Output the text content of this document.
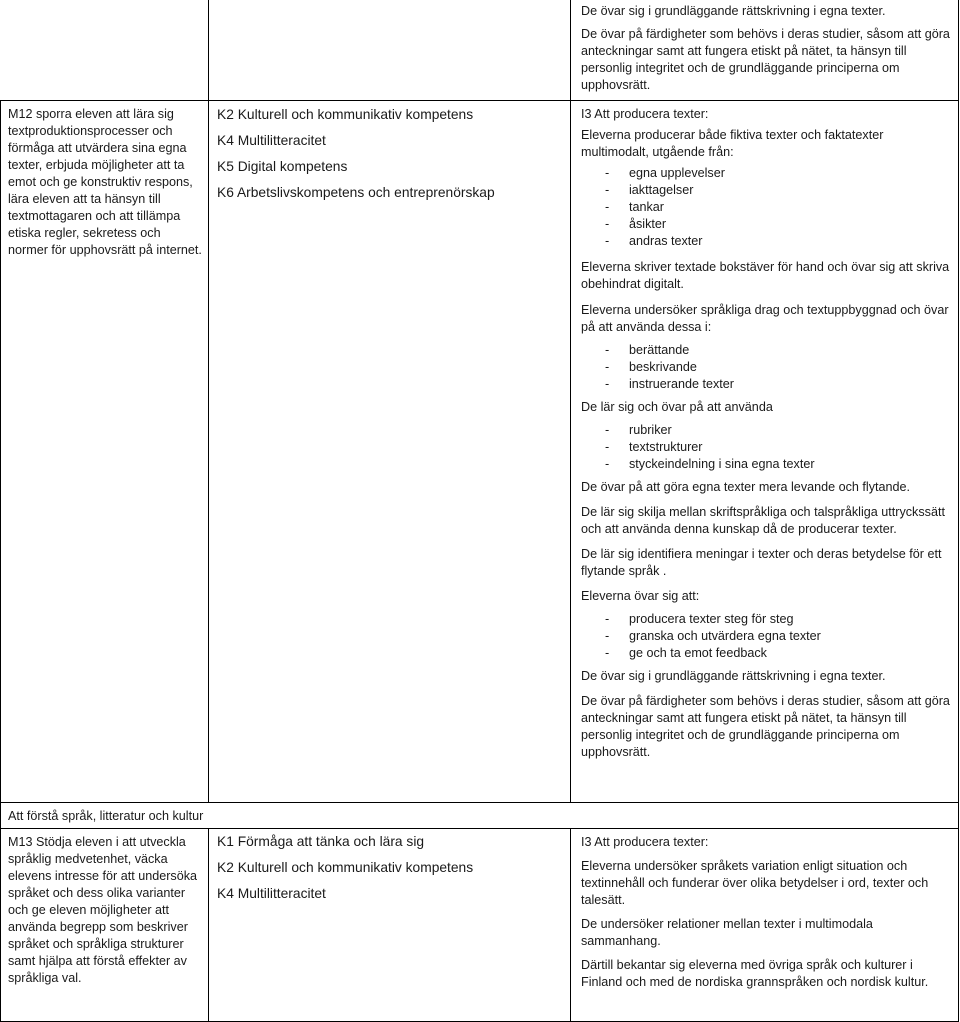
De övar sig i grundläggande rättskrivning i egna texter.

De övar på färdigheter som behövs i deras studier, såsom att göra anteckningar samt att fungera etiskt på nätet, ta hänsyn till personlig integritet och de grundläggande principerna om upphovsrätt.

M12 sporra eleven att lära sig textproduktionsprocesser och förmåga att utvärdera sina egna texter, erbjuda möjligheter att ta emot och ge konstruktiv respons, lära eleven att ta hänsyn till textmottagaren och att tillämpa etiska regler, sekretess och normer för upphovsrätt på internet.

K2 Kulturell och kommunikativ kompetens
K4 Multilitteracitet
K5 Digital kompetens
K6 Arbetslivskompetens och entreprenörskap

I3 Att producera texter:

Eleverna producerar både fiktiva texter och faktatexter multimodalt, utgående från:

- egna upplevelser
- iakttagelser
- tankar
- åsikter
- andras texter

Eleverna skriver textade bokstäver för hand och övar sig att skriva obehindrat digitalt.

Eleverna undersöker språkliga drag och textuppbyggnad och övar på att använda dessa i:

- berättande
- beskrivande
- instruerande texter

De lär sig och övar på att använda

- rubriker
- textstrukturer
- styckeindelning i sina egna texter

De övar på att göra egna texter mera levande och flytande.

De lär sig skilja mellan skriftspråkliga och talspråkliga uttryckssätt och att använda denna kunskap då de producerar texter.

De lär sig identifiera meningar i texter och deras betydelse för ett flytande språk .

Eleverna övar sig att:

- producera texter steg för steg
- granska och utvärdera egna texter
- ge och ta emot feedback

De övar sig i grundläggande rättskrivning i egna texter.

De övar på färdigheter som behövs i deras studier, såsom att göra anteckningar samt att fungera etiskt på nätet, ta hänsyn till personlig integritet och de grundläggande principerna om upphovsrätt.

Att förstå språk, litteratur och kultur

M13 Stödja eleven i att utveckla språklig medvetenhet, väcka elevens intresse för att undersöka språket och dess olika varianter och ge eleven möjligheter att använda begrepp som beskriver språket och språkliga strukturer samt hjälpa att förstå effekter av språkliga val.

K1 Förmåga att tänka och lära sig
K2 Kulturell och kommunikativ kompetens
K4 Multilitteracitet

I3 Att producera texter:

Eleverna undersöker språkets variation enligt situation och textinnehåll och funderar över olika betydelser i ord, texter och talesätt.

De undersöker relationer mellan texter i multimodala sammanhang.

Därtill bekantar sig eleverna med övriga språk och kulturer i Finland och med de nordiska grannspråken och nordisk kultur.
